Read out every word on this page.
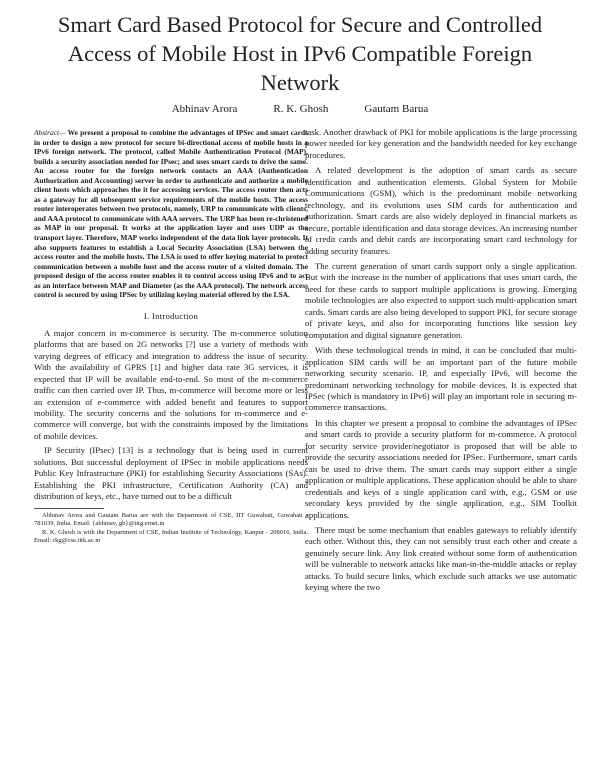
Smart Card Based Protocol for Secure and Controlled Access of Mobile Host in IPv6 Compatible Foreign Network
Abhinav Arora	R. K. Ghosh	Gautam Barua

Abstract— We present a proposal to combine the advantages of IPSec and smart cards in order to design a new protocol for secure bi-directional access of mobile hosts in a IPv6 foreign network. The protocol, called Mobile Authentication Protocol (MAP), builds a security association needed for IPsec; and uses smart cards to drive the same. An access router for the foreign network contacts an AAA (Authentication Authorization and Accounting) server in order to authenticate and authorize a mobile client hosts which approaches the it for accessing services. The access router then acts as a gateway for all subsequent service requirements of the mobile hosts. The access router interoperates between two protocols, namely, URP to communicate with clients, and AAA protocol to communicate with AAA servers. The URP has been re-christened as MAP in our proposal. It works at the application layer and uses UDP as the transport layer. Therefore, MAP works independent of the data link layer protocols. It also supports features to establish a Local Security Association (LSA) between the access router and the mobile hosts. The LSA is used to offer keying material to protect communication between a mobile host and the access router of a visited domain. The proposed design of the access router enables it to control access using IPv6 and to act as an interface between MAP and Diameter (as the AAA protocol). The network access control is secured by using IPSec by utilizing keying material offered by the LSA.

I. Introduction

A major concern in m-commerce is security. The m-commerce solution platforms that are based on 2G networks [?] use a variety of methods with varying degrees of efficacy and integration to address the issue of security. With the availability of GPRS [1] and higher data rate 3G services, it is expected that IP will be available end-to-end. So most of the m-commerce traffic can then carried over IP. Thus, m-commerce will become more or less an extension of e-commerce with added benefit and features to support mobility. The security concerns and the solutions for m-commerce and e-commerce will converge, but with the constraints imposed by the limitations of mobile devices.

IP Security (IPsec) [13] is a technology that is being used in current solutions. But successful deployment of IPSec in mobile applications needs Public Key Infrastructure (PKI) for establishing Security Associations (SAs). Establishing the PKI infrastructure, Certification Authority (CA) and distribution of keys, etc., have turned out to be a difficult

Abhinav Arora and Gautam Barua are with the Department of CSE, IIT Guwahati, Guwahati - 781039, India. Email: {abhinav, gb}@iitg.ernet.in

R. K. Ghosh is with the Department of CSE, Indian Institute of Technology, Kanpur - 208016, India. Email: rkg@cse.iitk.ac.in

task. Another drawback of PKI for mobile applications is the large processing power needed for key generation and the bandwidth needed for key exchange procedures.

A related development is the adoption of smart cards as secure identification and authentication elements. Global System for Mobile Communications (GSM), which is the predominant mobile networking technology, and its evolutions uses SIM cards for authentication and authorization. Smart cards are also widely deployed in financial markets as secure, portable identification and data storage devices. An increasing number of credit cards and debit cards are incorporating smart card technology for adding security features.

The current generation of smart cards support only a single application. But with the increase in the number of applications that uses smart cards, the need for these cards to support multiple applications is growing. Emerging mobile technologies are also expected to support such multi-application smart cards. Smart cards are also being developed to support PKI, for secure storage of private keys, and also for incorporating functions like session key computation and digital signature generation.

With these technological trends in mind, it can be concluded that multi-application SIM cards will be an important part of the future mobile networking security scenario. IP, and especially IPv6, will become the predominant networking technology for mobile devices. It is expected that IPSec (which is mandatory in IPv6) will play an important role in securing m-commerce transactions.

In this chapter we present a proposal to combine the advantages of IPSec and smart cards to provide a security platform for m-commerce. A protocol for security service provider/negotiator is proposed that will be able to provide the security associations needed for IPSec. Furthermore, smart cards can be used to drive them. The smart cards may support either a single application or multiple applications. These application should be able to share credentials and keys of a single application card with, e.g., GSM or use secondary keys provided by the single application, e.g., SIM Toolkit applications.

There must be some mechanism that enables gateways to reliably identify each other. Without this, they can not sensibly trust each other and create a genuinely secure link. Any link created without some form of authentication will be vulnerable to network attacks like man-in-the-middle attacks or replay attacks. To build secure links, which exclude such attacks we use automatic keying where the two
